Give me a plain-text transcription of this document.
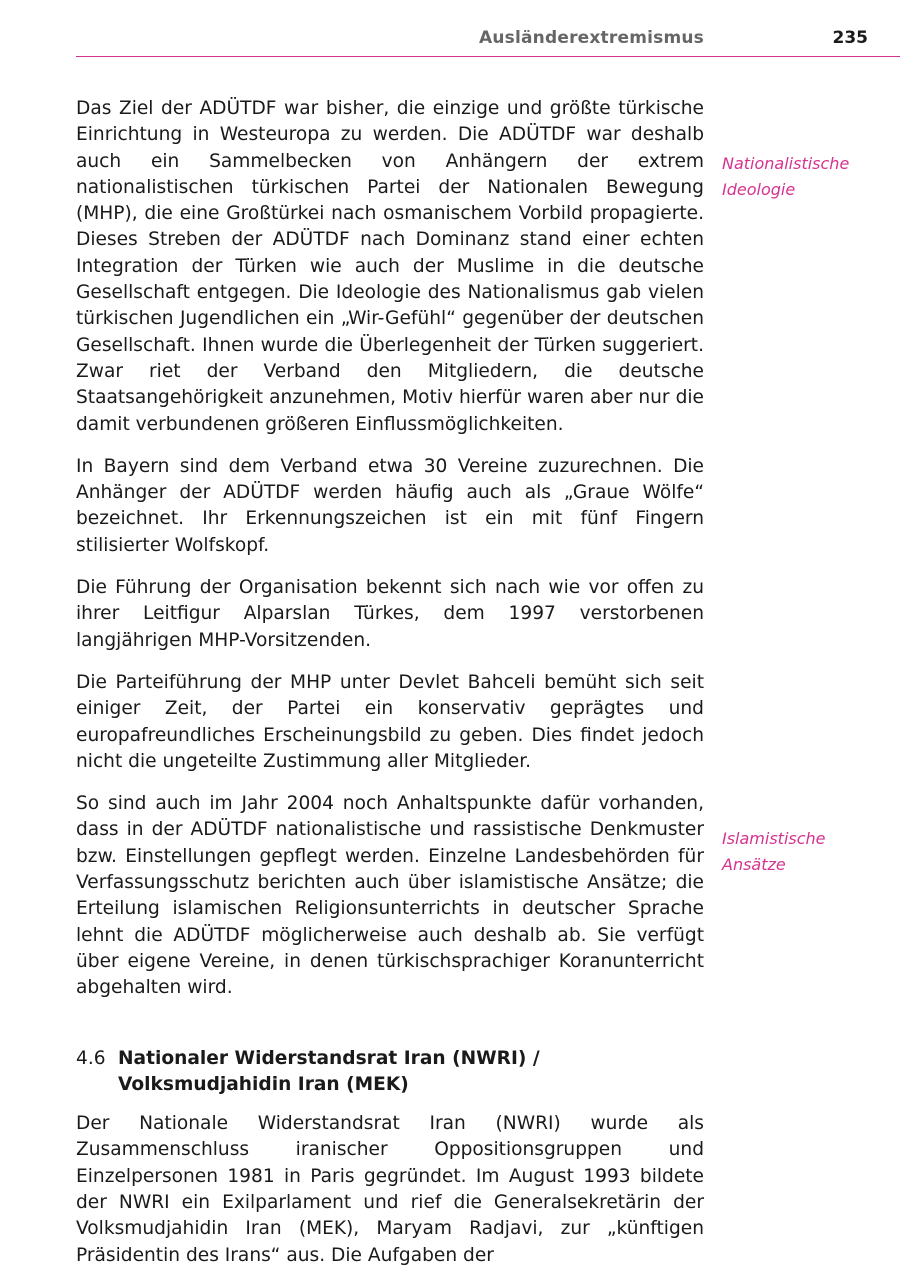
Ausländerextremismus	235

Das Ziel der ADÜTDF war bisher, die einzige und größte türkische Einrichtung in Westeuropa zu werden. Die ADÜTDF war deshalb auch ein Sammelbecken von Anhängern der extrem nationalistischen türkischen Partei der Nationalen Bewegung (MHP), die eine Großtürkei nach osmanischem Vorbild propagierte. Dieses Streben der ADÜTDF nach Dominanz stand einer echten Integration der Türken wie auch der Muslime in die deutsche Gesellschaft entgegen. Die Ideologie des Nationalismus gab vielen türkischen Jugendlichen ein „Wir-Gefühl“ gegenüber der deutschen Gesellschaft. Ihnen wurde die Überlegenheit der Türken suggeriert. Zwar riet der Verband den Mitgliedern, die deutsche Staatsangehörigkeit anzunehmen, Motiv hierfür waren aber nur die damit verbundenen größeren Einflussmöglichkeiten.

In Bayern sind dem Verband etwa 30 Vereine zuzurechnen. Die Anhänger der ADÜTDF werden häufig auch als „Graue Wölfe“ bezeichnet. Ihr Erkennungszeichen ist ein mit fünf Fingern stilisierter Wolfskopf.

Die Führung der Organisation bekennt sich nach wie vor offen zu ihrer Leitfigur Alparslan Türkes, dem 1997 verstorbenen langjährigen MHP-Vorsitzenden.

Die Parteiführung der MHP unter Devlet Bahceli bemüht sich seit einiger Zeit, der Partei ein konservativ geprägtes und europafreundliches Erscheinungsbild zu geben. Dies findet jedoch nicht die ungeteilte Zustimmung aller Mitglieder.

So sind auch im Jahr 2004 noch Anhaltspunkte dafür vorhanden, dass in der ADÜTDF nationalistische und rassistische Denkmuster bzw. Einstellungen gepflegt werden. Einzelne Landesbehörden für Verfassungsschutz berichten auch über islamistische Ansätze; die Erteilung islamischen Religionsunterrichts in deutscher Sprache lehnt die ADÜTDF möglicherweise auch deshalb ab. Sie verfügt über eigene Vereine, in denen türkischsprachiger Koranunterricht abgehalten wird.

4.6 Nationaler Widerstandsrat Iran (NWRI) / Volksmudjahidin Iran (MEK)

Der Nationale Widerstandsrat Iran (NWRI) wurde als Zusammenschluss iranischer Oppositionsgruppen und Einzelpersonen 1981 in Paris gegründet. Im August 1993 bildete der NWRI ein Exilparlament und rief die Generalsekretärin der Volksmudjahidin Iran (MEK), Maryam Radjavi, zur „künftigen Präsidentin des Irans“ aus. Die Aufgaben der

Nationalistische
Ideologie
Islamistische
Ansätze
